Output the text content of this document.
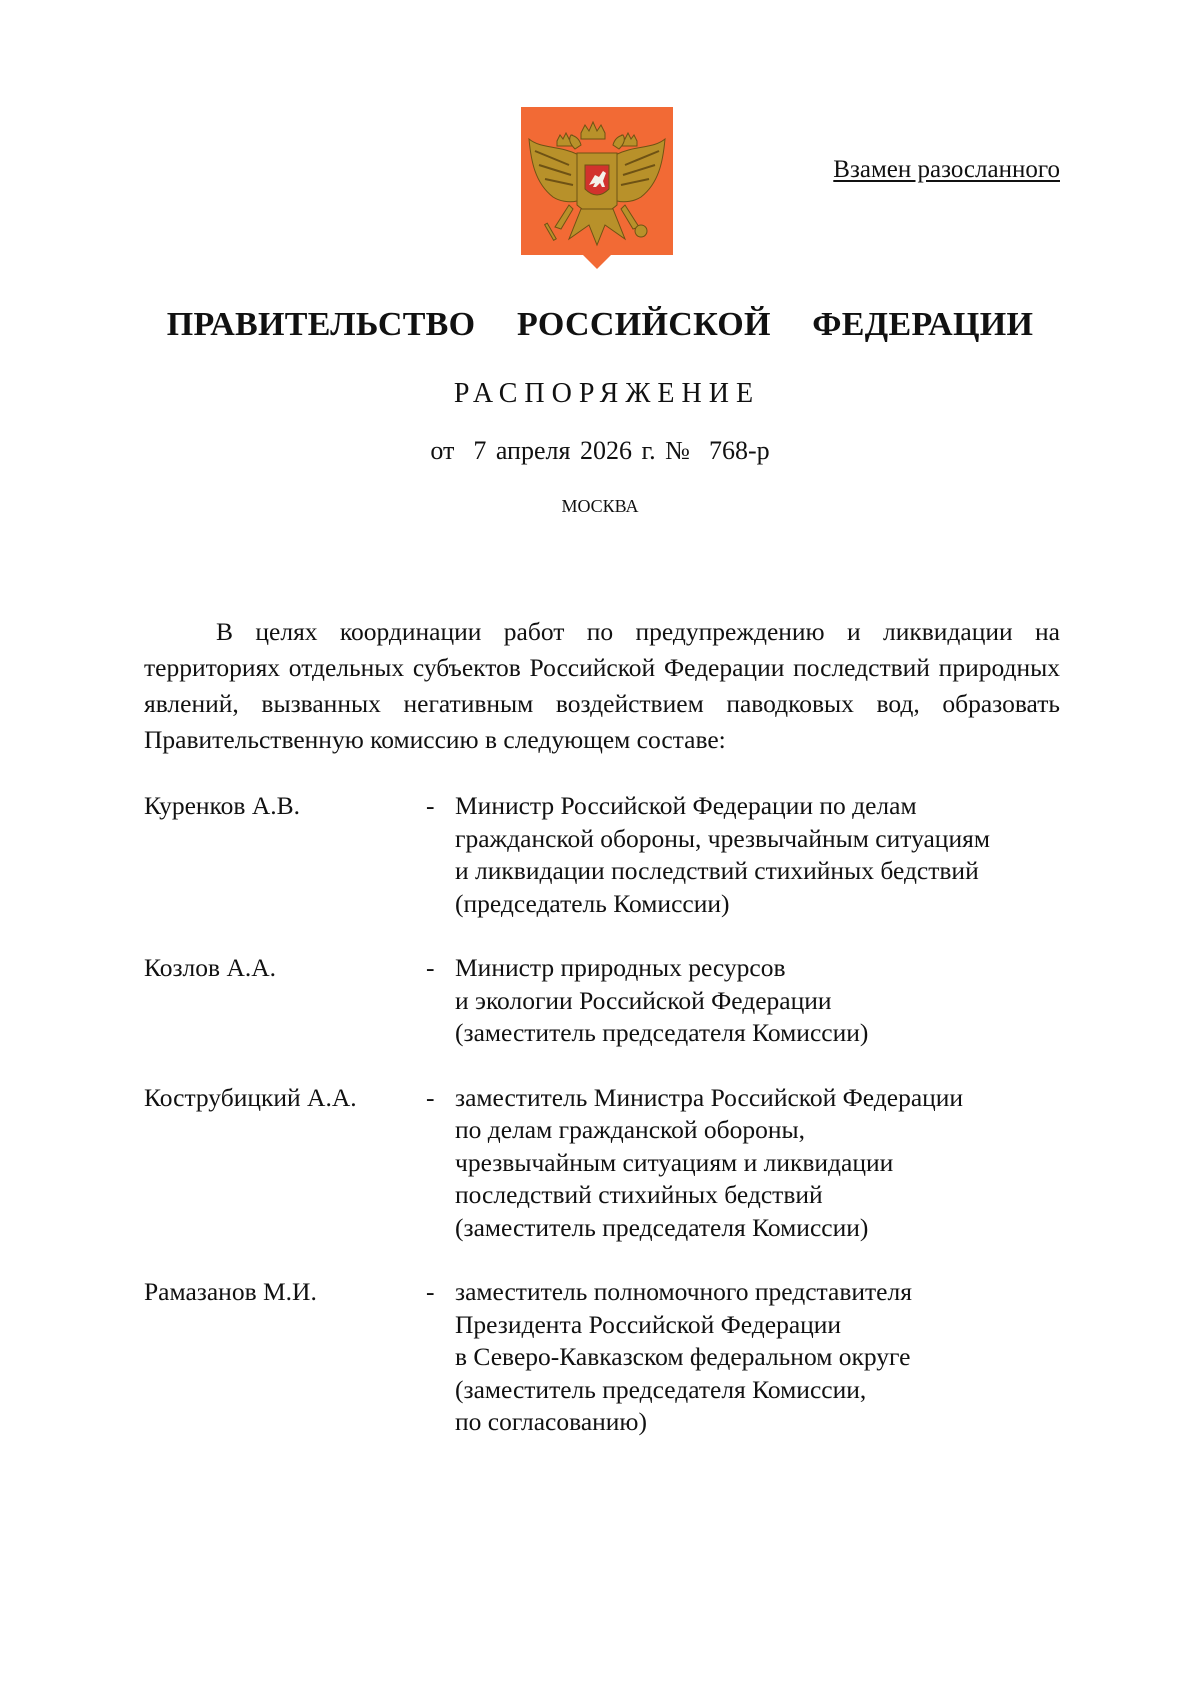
Взамен разосланного
ПРАВИТЕЛЬСТВО  РОССИЙСКОЙ  ФЕДЕРАЦИИ
РАСПОРЯЖЕНИЕ
от  7 апреля 2026 г. №  768-р
МОСКВА

В целях координации работ по предупреждению и ликвидации на территориях отдельных субъектов Российской Федерации последствий природных явлений, вызванных негативным воздействием паводковых вод, образовать Правительственную комиссию в следующем составе:

Куренков А.В.	- Министр Российской Федерации по делам
гражданской обороны, чрезвычайным ситуациям
и ликвидации последствий стихийных бедствий
(председатель Комиссии)
Козлов А.А.	- Министр природных ресурсов
и экологии Российской Федерации
(заместитель председателя Комиссии)
Кострубицкий А.А.	- заместитель Министра Российской Федерации
по делам гражданской обороны,
чрезвычайным ситуациям и ликвидации
последствий стихийных бедствий
(заместитель председателя Комиссии)
Рамазанов М.И.	- заместитель полномочного представителя
Президента Российской Федерации
в Северо-Кавказском федеральном округе
(заместитель председателя Комиссии,
по согласованию)
